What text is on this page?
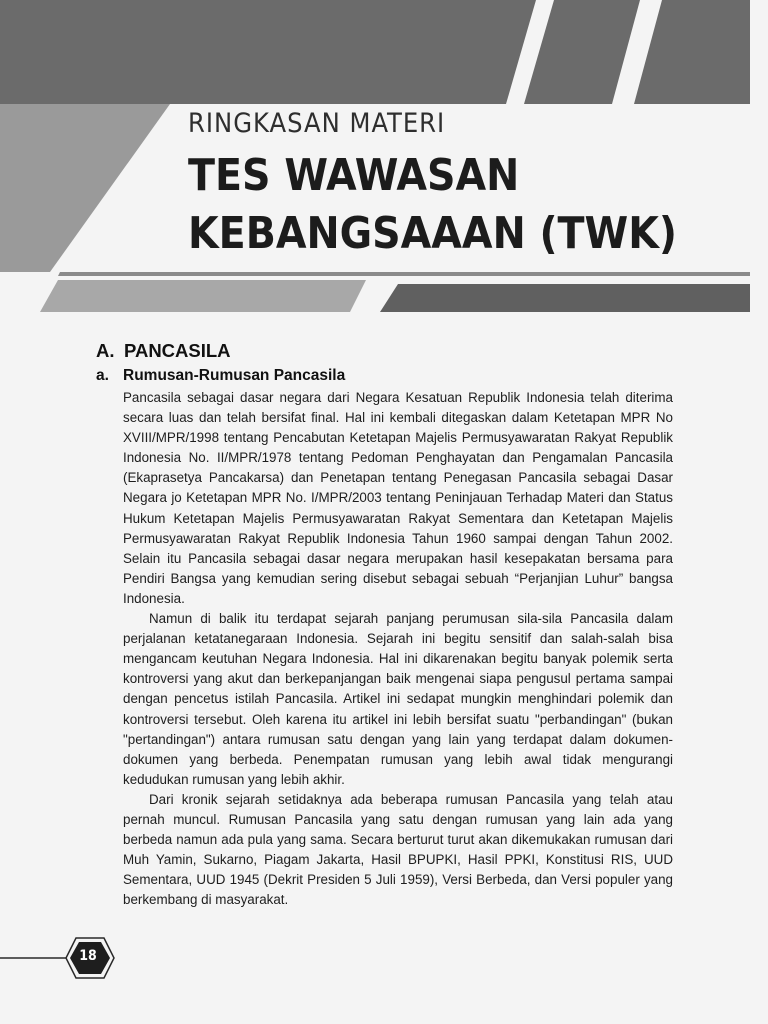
RINGKASAN MATERI
TES WAWASAN
KEBANGSAAAN (TWK)
A. PANCASILA
a. Rumusan-Rumusan Pancasila

Pancasila sebagai dasar negara dari Negara Kesatuan Republik Indonesia telah diterima secara luas dan telah bersifat final. Hal ini kembali ditegaskan dalam Ketetapan MPR No XVIII/MPR/1998 tentang Pencabutan Ketetapan Majelis Permusyawaratan Rakyat Republik Indonesia No. II/MPR/1978 tentang Pedoman Penghayatan dan Pengamalan Pancasila (Ekaprasetya Pancakarsa) dan Penetapan tentang Penegasan Pancasila sebagai Dasar Negara jo Ketetapan MPR No. I/MPR/2003 tentang Peninjauan Terhadap Materi dan Status Hukum Ketetapan Majelis Permusyawaratan Rakyat Sementara dan Ketetapan Majelis Permusyawaratan Rakyat Republik Indonesia Tahun 1960 sampai dengan Tahun 2002. Selain itu Pancasila sebagai dasar negara merupakan hasil kesepakatan bersama para Pendiri Bangsa yang kemudian sering disebut sebagai sebuah “Perjanjian Luhur” bangsa Indonesia.

Namun di balik itu terdapat sejarah panjang perumusan sila-sila Pancasila dalam perjalanan ketatanegaraan Indonesia. Sejarah ini begitu sensitif dan salah-salah bisa mengancam keutuhan Negara Indonesia. Hal ini dikarenakan begitu banyak polemik serta kontroversi yang akut dan berkepanjangan baik mengenai siapa pengusul pertama sampai dengan pencetus istilah Pancasila. Artikel ini sedapat mungkin menghindari polemik dan kontroversi tersebut. Oleh karena itu artikel ini lebih bersifat suatu "perbandingan" (bukan "pertandingan") antara rumusan satu dengan yang lain yang terdapat dalam dokumen-dokumen yang berbeda. Penempatan rumusan yang lebih awal tidak mengurangi kedudukan rumusan yang lebih akhir.

Dari kronik sejarah setidaknya ada beberapa rumusan Pancasila yang telah atau pernah muncul. Rumusan Pancasila yang satu dengan rumusan yang lain ada yang berbeda namun ada pula yang sama. Secara berturut turut akan dikemukakan rumusan dari Muh Yamin, Sukarno, Piagam Jakarta, Hasil BPUPKI, Hasil PPKI, Konstitusi RIS, UUD Sementara, UUD 1945 (Dekrit Presiden 5 Juli 1959), Versi Berbeda, dan Versi populer yang berkembang di masyarakat.

18
